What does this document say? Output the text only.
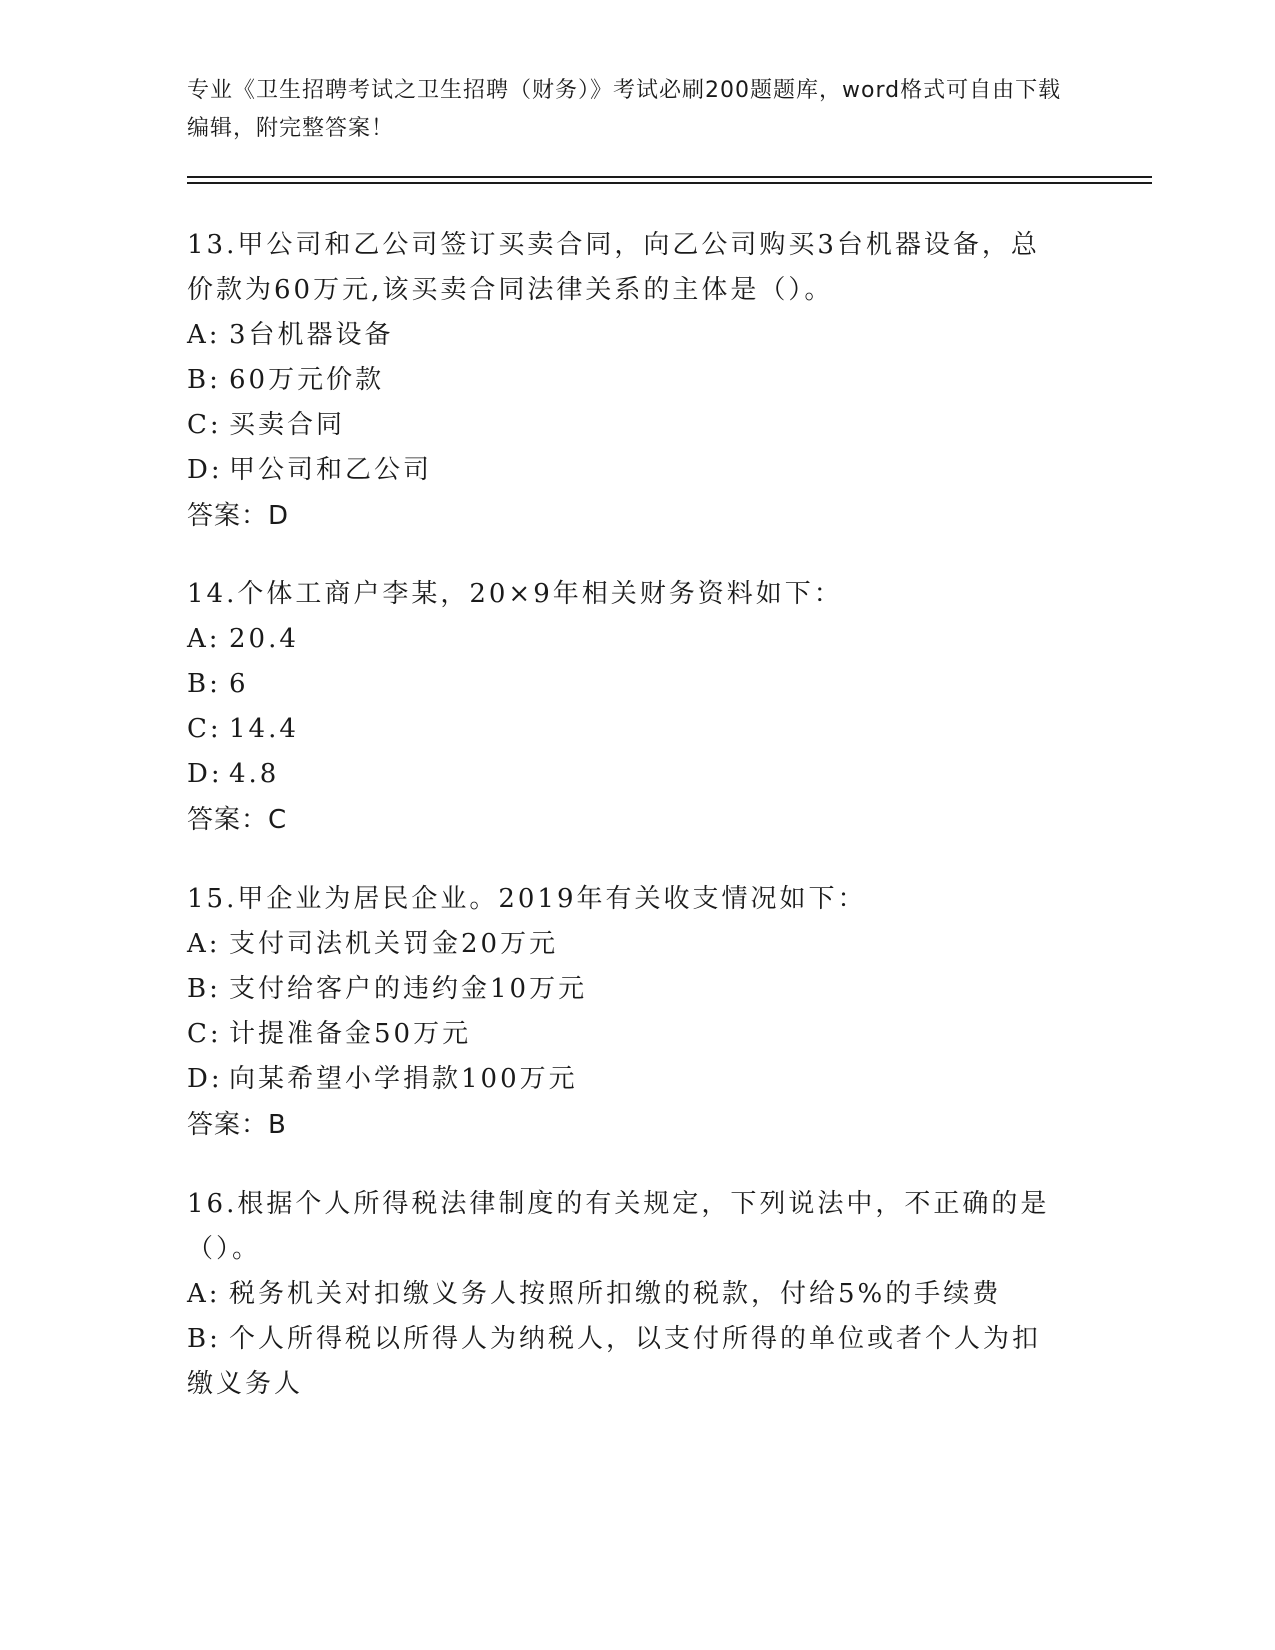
专业《卫生招聘考试之卫生招聘（财务）》考试必刷200题题库，word格式可自由下载编辑，附完整答案！

13.甲公司和乙公司签订买卖合同，向乙公司购买3台机器设备，总价款为60万元,该买卖合同法律关系的主体是（）。

A: 3台机器设备

B: 60万元价款

C: 买卖合同

D: 甲公司和乙公司

答案：D

14.个体工商户李某，20×9年相关财务资料如下：

A: 20.4

B: 6

C: 14.4

D: 4.8

答案：C

15.甲企业为居民企业。2019年有关收支情况如下：

A: 支付司法机关罚金20万元

B: 支付给客户的违约金10万元

C: 计提准备金50万元

D: 向某希望小学捐款100万元

答案：B

16.根据个人所得税法律制度的有关规定，下列说法中，不正确的是（）。

A: 税务机关对扣缴义务人按照所扣缴的税款，付给5%的手续费

B: 个人所得税以所得人为纳税人，以支付所得的单位或者个人为扣缴义务人
